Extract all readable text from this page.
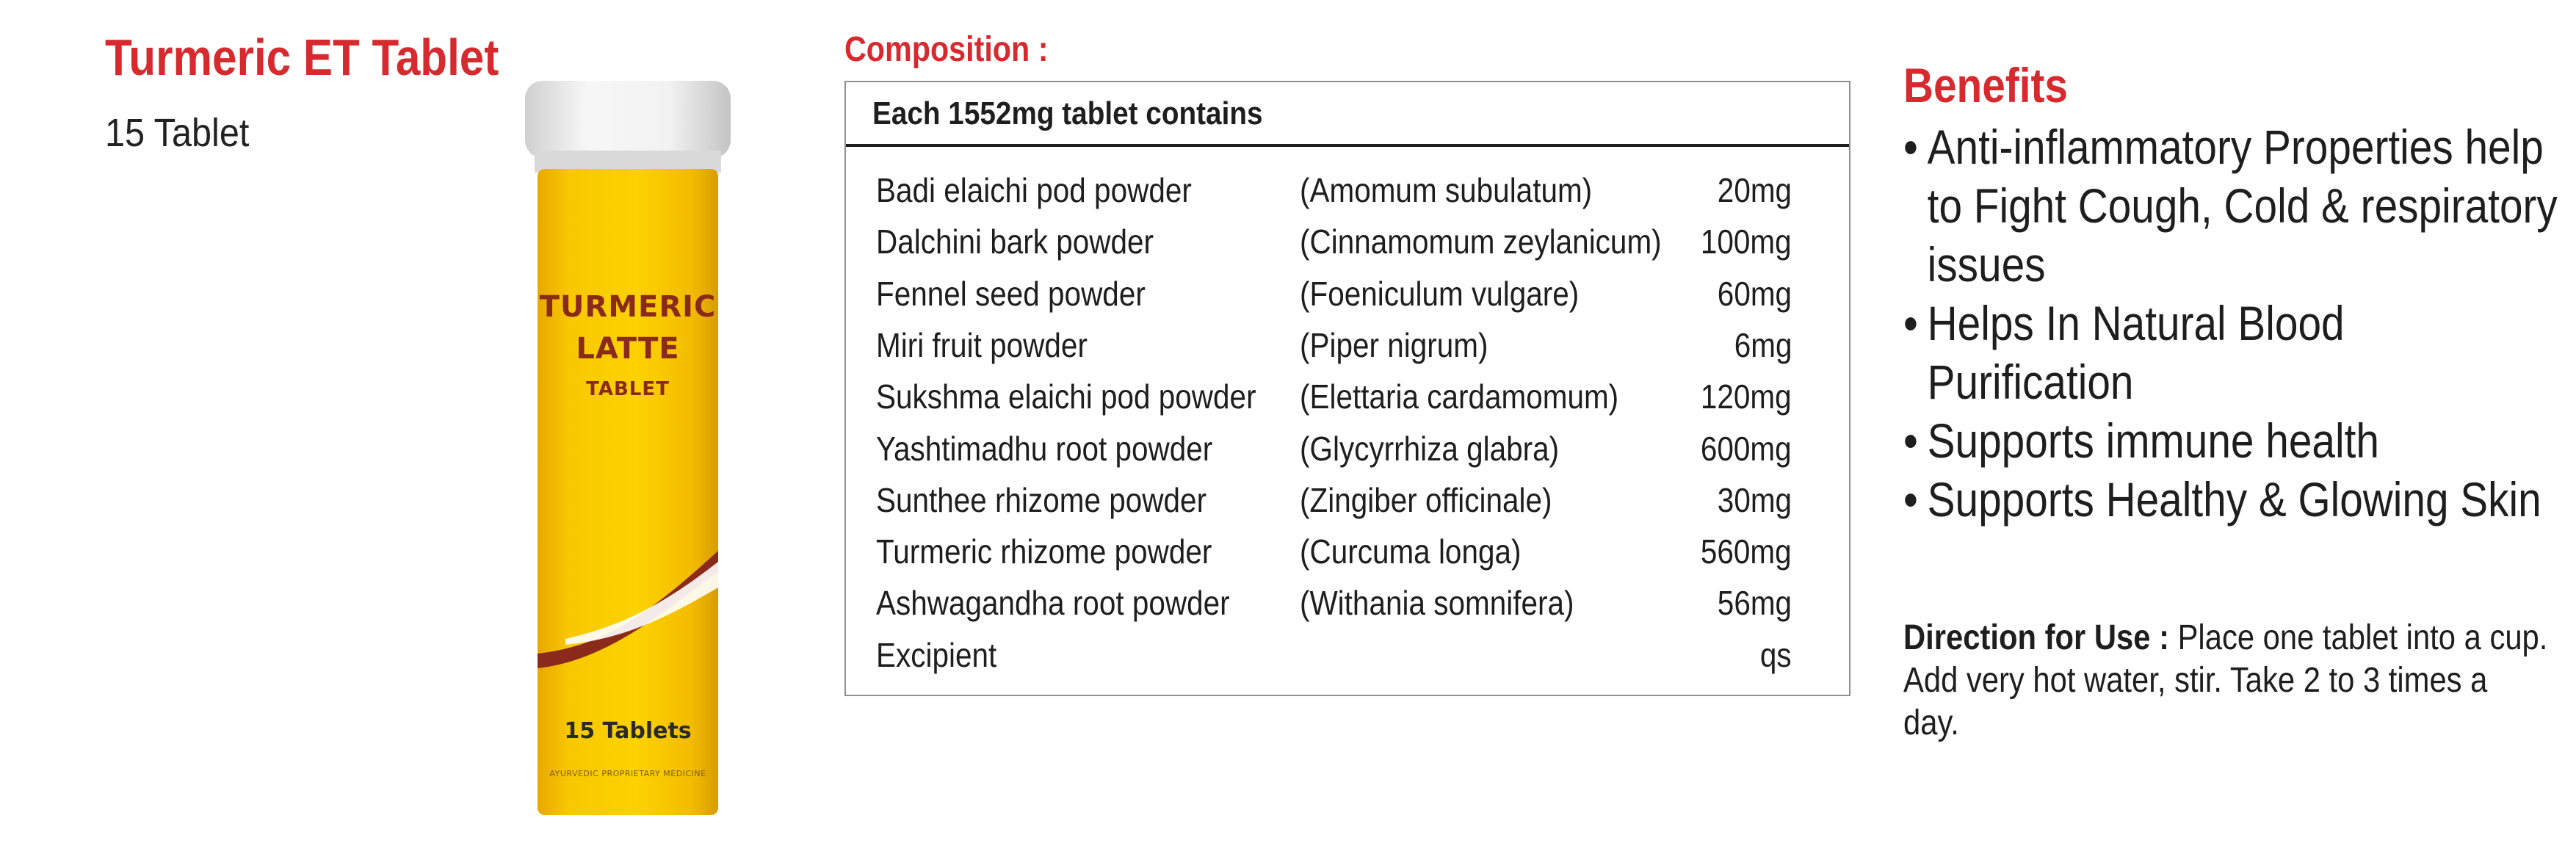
Turmeric ET Tablet
15 Tablet
TURMERIC
LATTE
TABLET
15 Tablets
AYURVEDIC PROPRIETARY MEDICINE
Composition :
Each 1552mg tablet contains
Badi elaichi pod powder	(Amomum subulatum)	20mg
Dalchini bark powder	(Cinnamomum zeylanicum) 100mg
Fennel seed powder	(Foeniculum vulgare)	60mg
Miri fruit powder	(Piper nigrum)	6mg
Sukshma elaichi pod powder (Elettaria cardamomum) 120mg
Yashtimadhu root powder	(Glycyrrhiza glabra)	600mg
Sunthee rhizome powder	(Zingiber officinale)	30mg
Turmeric rhizome powder	(Curcuma longa)	560mg
Ashwagandha root powder (Withania somnifera)	56mg
Excipient	qs
Benefits
• Anti-inflammatory Properties help to Fight Cough, Cold & respiratory issues
• Helps In Natural Blood Purification
• Supports immune health
• Supports Healthy & Glowing Skin
Direction for Use : Place one tablet into a cup. Add very hot water, stir. Take 2 to 3 times a day.
